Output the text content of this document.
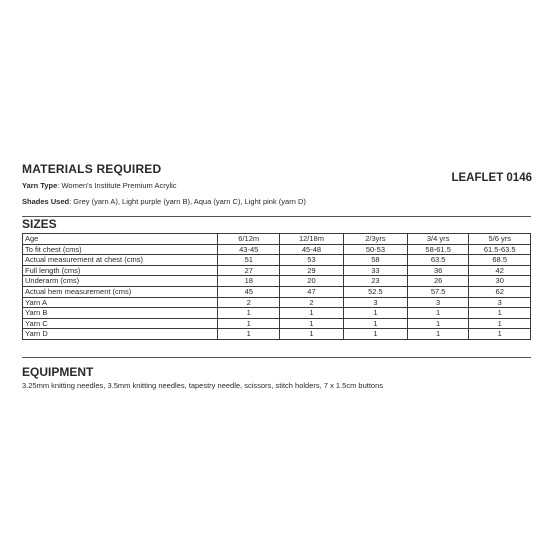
MATERIALS REQUIRED
LEAFLET 0146
Yarn Type: Women's Institute Premium Acrylic
Shades Used: Grey (yarn A), Light purple (yarn B), Aqua (yarn C), Light pink (yarn D)
SIZES
Age	6/12m	12/18m	2/3yrs	3/4 yrs	5/6 yrs
To fit chest (cms)	43-45	45-48	50-53	58-61.5	61.5-63.5
Actual measurement at chest (cms)	51	53	58	63.5	68.5
Full length (cms)	27	29	33	36	42
Underarm (cms)	18	20	23	26	30
Actual hem measurement (cms)	45	47	52.5	57.5	62
Yarn A	2	2	3	3	3
Yarn B	1	1	1	1	1
Yarn C	1	1	1	1	1
Yarn D	1	1	1	1	1
EQUIPMENT
3.25mm knitting needles, 3.5mm knitting needles, tapestry needle, scissors, stitch holders, 7 x 1.5cm buttons
